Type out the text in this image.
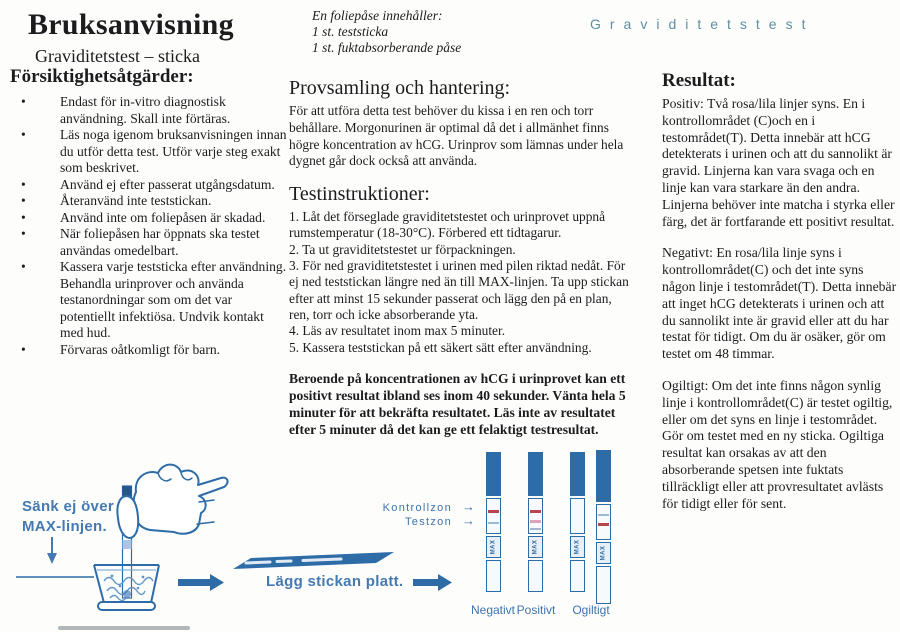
Bruksanvisning
Graviditetstest – sticka
Graviditetstest
Försiktighetsåtgärder:
•
Endast för in-vitro diagnostisk användning. Skall inte förtäras.
•
Läs noga igenom bruksanvisningen innan du utför detta test. Utför varje steg exakt som beskrivet.
•
Använd ej efter passerat utgångsdatum.
•
Återanvänd inte teststickan.
•
Använd inte om foliepåsen är skadad.
•
När foliepåsen har öppnats ska testet användas omedelbart.
•
Kassera varje teststicka efter användning. Behandla urinprover och använda testanordningar som om det var potentiellt infektiösa. Undvik kontakt med hud.
•
Förvaras oåtkomligt för barn.
En foliepåse innehåller:
1 st. teststicka
1 st. fuktabsorberande påse
Provsamling och hantering:

För att utföra detta test behöver du kissa i en ren och torr behållare. Morgonurinen är optimal då det i allmänhet finns högre koncentration av hCG. Urinprov som lämnas under hela dygnet går dock också att använda.

Testinstruktioner:
1. Låt det förseglade graviditetstestet och urinprovet uppnå rumstemperatur (18-30°C). Förbered ett tidtagarur.
2. Ta ut graviditetstestet ur förpackningen.
3. För ned graviditetstestet i urinen med pilen riktad nedåt. För ej ned teststickan längre ned än till MAX-linjen. Ta upp stickan efter att minst 15 sekunder passerat och lägg den på en plan, ren, torr och icke absorberande yta.
4. Läs av resultatet inom max 5 minuter.
5. Kassera teststickan på ett säkert sätt efter användning.

Beroende på koncentrationen av hCG i urinprovet kan ett positivt resultat ibland ses inom 40 sekunder. Vänta hela 5 minuter för att bekräfta resultatet. Läs inte av resultatet efter 5 minuter då det kan ge ett felaktigt testresultat.

Resultat:

Positiv: Två rosa/lila linjer syns. En i kontrollområdet (C)och en i testområdet(T). Detta innebär att hCG detekterats i urinen och att du sannolikt är gravid. Linjerna kan vara svaga och en linje kan vara starkare än den andra. Linjerna behöver inte matcha i styrka eller färg, det är fortfarande ett positivt resultat.

Negativt: En rosa/lila linje syns i kontrollområdet(C) och det inte syns någon linje i testområdet(T). Detta innebär att inget hCG detekterats i urinen och att du sannolikt inte är gravid eller att du har testat för tidigt. Om du är osäker, gör om testet om 48 timmar.

Ogiltigt: Om det inte finns någon synlig linje i kontrollområdet(C) är testet ogiltig, eller om det syns en linje i testområdet. Gör om testet med en ny sticka. Ogiltiga resultat kan orsakas av att den absorberande spetsen inte fuktats tillräckligt eller att provresultatet avlästs för tidigt eller för sent.

Sänk ej över
MAX-linjen.
Lägg stickan platt.
Kontrollzon
Testzon
→
→
MAX	MAX	MAX	MAX
Negativt Positivt	Ogiltigt
